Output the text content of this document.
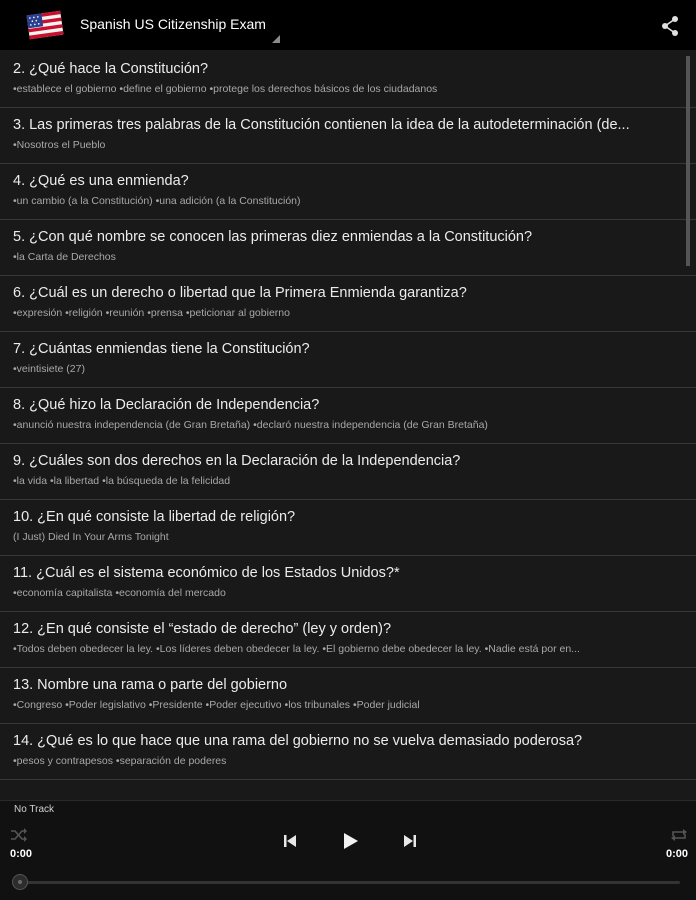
Spanish US Citizenship Exam
2. ¿Qué hace la Constitución?
•establece el gobierno •define el gobierno •protege los derechos básicos de los ciudadanos
3. Las primeras tres palabras de la Constitución contienen la idea de la autodeterminación (de...
•Nosotros el Pueblo
4. ¿Qué es una enmienda?
•un cambio (a la Constitución) •una adición (a la Constitución)
5. ¿Con qué nombre se conocen las primeras diez enmiendas a la Constitución?
•la Carta de Derechos
6. ¿Cuál es un derecho o libertad que la Primera Enmienda garantiza?
•expresión •religión •reunión •prensa •peticionar al gobierno
7. ¿Cuántas enmiendas tiene la Constitución?
•veintisiete (27)
8. ¿Qué hizo la Declaración de Independencia?
•anunció nuestra independencia (de Gran Bretaña) •declaró nuestra independencia (de Gran Bretaña)
9. ¿Cuáles son dos derechos en la Declaración de la Independencia?
•la vida •la libertad •la búsqueda de la felicidad
10. ¿En qué consiste la libertad de religión?
(I Just) Died In Your Arms Tonight
11. ¿Cuál es el sistema económico de los Estados Unidos?*
•economía capitalista •economía del mercado
12. ¿En qué consiste el “estado de derecho” (ley y orden)?
•Todos deben obedecer la ley. •Los líderes deben obedecer la ley. •El gobierno debe obedecer la ley. •Nadie está por en...
13. Nombre una rama o parte del gobierno
•Congreso •Poder legislativo •Presidente •Poder ejecutivo •los tribunales •Poder judicial
14. ¿Qué es lo que hace que una rama del gobierno no se vuelva demasiado poderosa?
•pesos y contrapesos •separación de poderes
No Track
0:00	0:00
